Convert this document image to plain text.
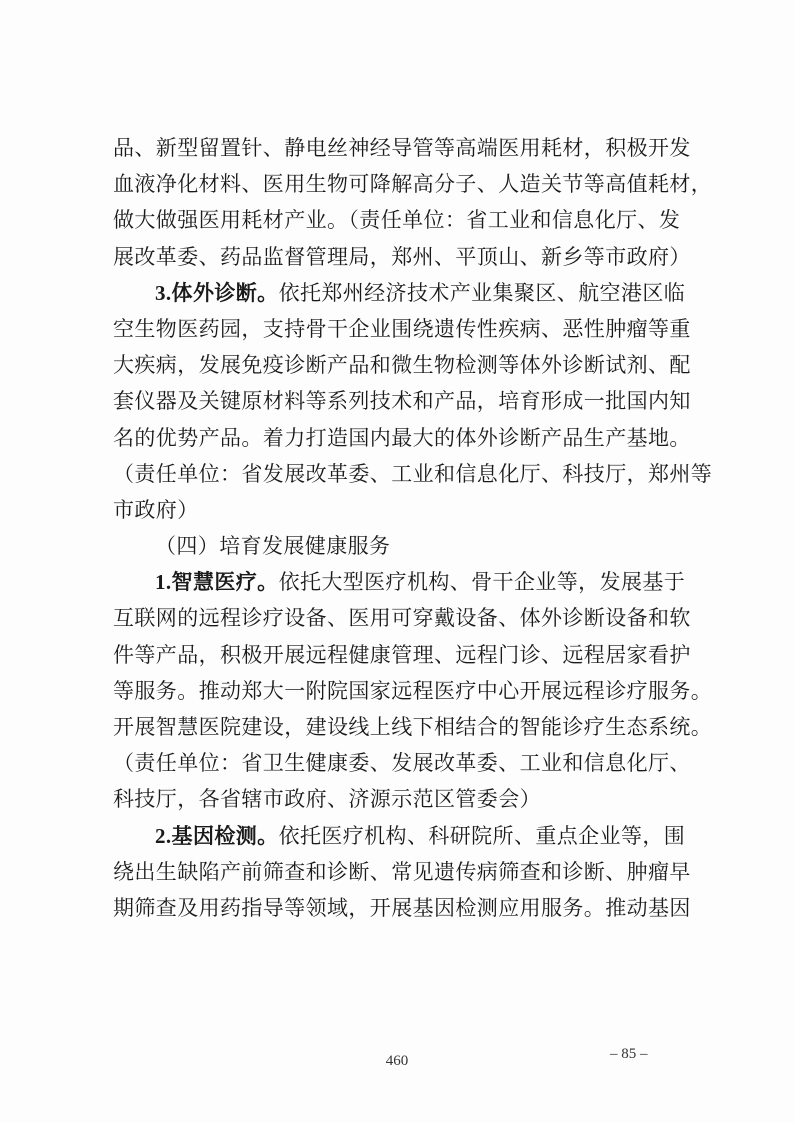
品、新型留置针、静电丝神经导管等高端医用耗材，积极开发
血液净化材料、医用生物可降解高分子、人造关节等高值耗材，
做大做强医用耗材产业。（责任单位：省工业和信息化厅、发
展改革委、药品监督管理局，郑州、平顶山、新乡等市政府）
3.体外诊断。依托郑州经济技术产业集聚区、航空港区临
空生物医药园，支持骨干企业围绕遗传性疾病、恶性肿瘤等重
大疾病，发展免疫诊断产品和微生物检测等体外诊断试剂、配
套仪器及关键原材料等系列技术和产品，培育形成一批国内知
名的优势产品。着力打造国内最大的体外诊断产品生产基地。
（责任单位：省发展改革委、工业和信息化厅、科技厅，郑州等
市政府）
（四）培育发展健康服务
1.智慧医疗。依托大型医疗机构、骨干企业等，发展基于
互联网的远程诊疗设备、医用可穿戴设备、体外诊断设备和软
件等产品，积极开展远程健康管理、远程门诊、远程居家看护
等服务。推动郑大一附院国家远程医疗中心开展远程诊疗服务。
开展智慧医院建设，建设线上线下相结合的智能诊疗生态系统。
（责任单位：省卫生健康委、发展改革委、工业和信息化厅、
科技厅，各省辖市政府、济源示范区管委会）
2.基因检测。依托医疗机构、科研院所、重点企业等，围
绕出生缺陷产前筛查和诊断、常见遗传病筛查和诊断、肿瘤早
期筛查及用药指导等领域，开展基因检测应用服务。推动基因
460	– 85 –
